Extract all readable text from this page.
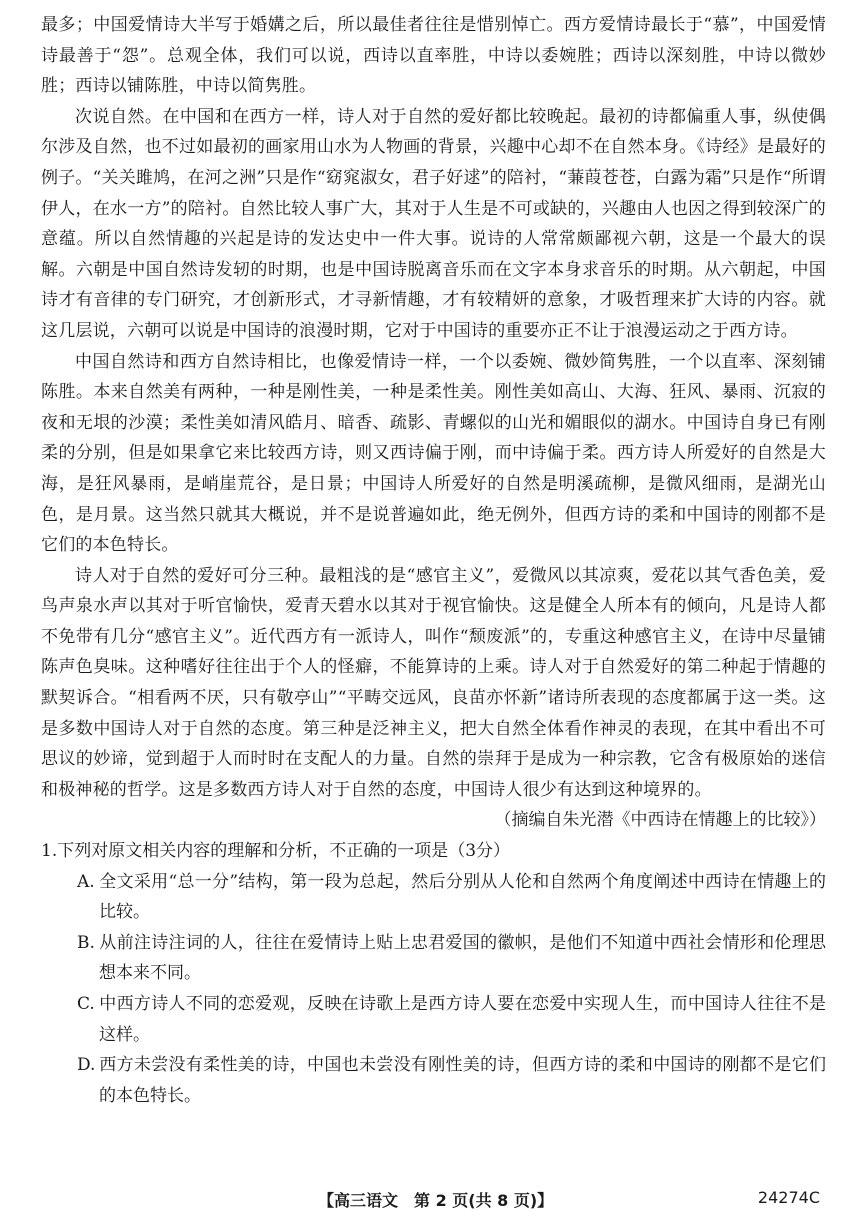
最多；中国爱情诗大半写于婚媾之后，所以最佳者往往是惜别悼亡。西方爱情诗最长于“慕”，中国爱情诗最善于“怨”。总观全体，我们可以说，西诗以直率胜，中诗以委婉胜；西诗以深刻胜，中诗以微妙胜；西诗以铺陈胜，中诗以简隽胜。

次说自然。在中国和在西方一样，诗人对于自然的爱好都比较晚起。最初的诗都偏重人事，纵使偶尔涉及自然，也不过如最初的画家用山水为人物画的背景，兴趣中心却不在自然本身。《诗经》是最好的例子。“关关雎鸠，在河之洲”只是作“窈窕淑女，君子好逑”的陪衬，“蒹葭苍苍，白露为霜”只是作“所谓伊人，在水一方”的陪衬。自然比较人事广大，其对于人生是不可或缺的，兴趣由人也因之得到较深广的意蕴。所以自然情趣的兴起是诗的发达史中一件大事。说诗的人常常颇鄙视六朝，这是一个最大的误解。六朝是中国自然诗发轫的时期，也是中国诗脱离音乐而在文字本身求音乐的时期。从六朝起，中国诗才有音律的专门研究，才创新形式，才寻新情趣，才有较精妍的意象，才吸哲理来扩大诗的内容。就这几层说，六朝可以说是中国诗的浪漫时期，它对于中国诗的重要亦正不让于浪漫运动之于西方诗。

中国自然诗和西方自然诗相比，也像爱情诗一样，一个以委婉、微妙简隽胜，一个以直率、深刻铺陈胜。本来自然美有两种，一种是刚性美，一种是柔性美。刚性美如高山、大海、狂风、暴雨、沉寂的夜和无垠的沙漠；柔性美如清风皓月、暗香、疏影、青螺似的山光和媚眼似的湖水。中国诗自身已有刚柔的分别，但是如果拿它来比较西方诗，则又西诗偏于刚，而中诗偏于柔。西方诗人所爱好的自然是大海，是狂风暴雨，是峭崖荒谷，是日景；中国诗人所爱好的自然是明溪疏柳，是微风细雨，是湖光山色，是月景。这当然只就其大概说，并不是说普遍如此，绝无例外，但西方诗的柔和中国诗的刚都不是它们的本色特长。

诗人对于自然的爱好可分三种。最粗浅的是“感官主义”，爱微风以其凉爽，爱花以其气香色美，爱鸟声泉水声以其对于听官愉快，爱青天碧水以其对于视官愉快。这是健全人所本有的倾向，凡是诗人都不免带有几分“感官主义”。近代西方有一派诗人，叫作“颓废派”的，专重这种感官主义，在诗中尽量铺陈声色臭味。这种嗜好往往出于个人的怪癖，不能算诗的上乘。诗人对于自然爱好的第二种起于情趣的默契诉合。“相看两不厌，只有敬亭山”“平畴交远风，良苗亦怀新”诸诗所表现的态度都属于这一类。这是多数中国诗人对于自然的态度。第三种是泛神主义，把大自然全体看作神灵的表现，在其中看出不可思议的妙谛，觉到超于人而时时在支配人的力量。自然的崇拜于是成为一种宗教，它含有极原始的迷信和极神秘的哲学。这是多数西方诗人对于自然的态度，中国诗人很少有达到这种境界的。

（摘编自朱光潜《中西诗在情趣上的比较》）

1.下列对原文相关内容的理解和分析，不正确的一项是（3分）

A. 全文采用“总一分”结构，第一段为总起，然后分别从人伦和自然两个角度阐述中西诗在情趣上的比较。

B. 从前注诗注词的人，往往在爱情诗上贴上忠君爱国的徽帜，是他们不知道中西社会情形和伦理思想本来不同。

C. 中西方诗人不同的恋爱观，反映在诗歌上是西方诗人要在恋爱中实现人生，而中国诗人往往不是这样。

D. 西方未尝没有柔性美的诗，中国也未尝没有刚性美的诗，但西方诗的柔和中国诗的刚都不是它们的本色特长。

【高三语文　第 2 页(共 8 页)】	24274C
